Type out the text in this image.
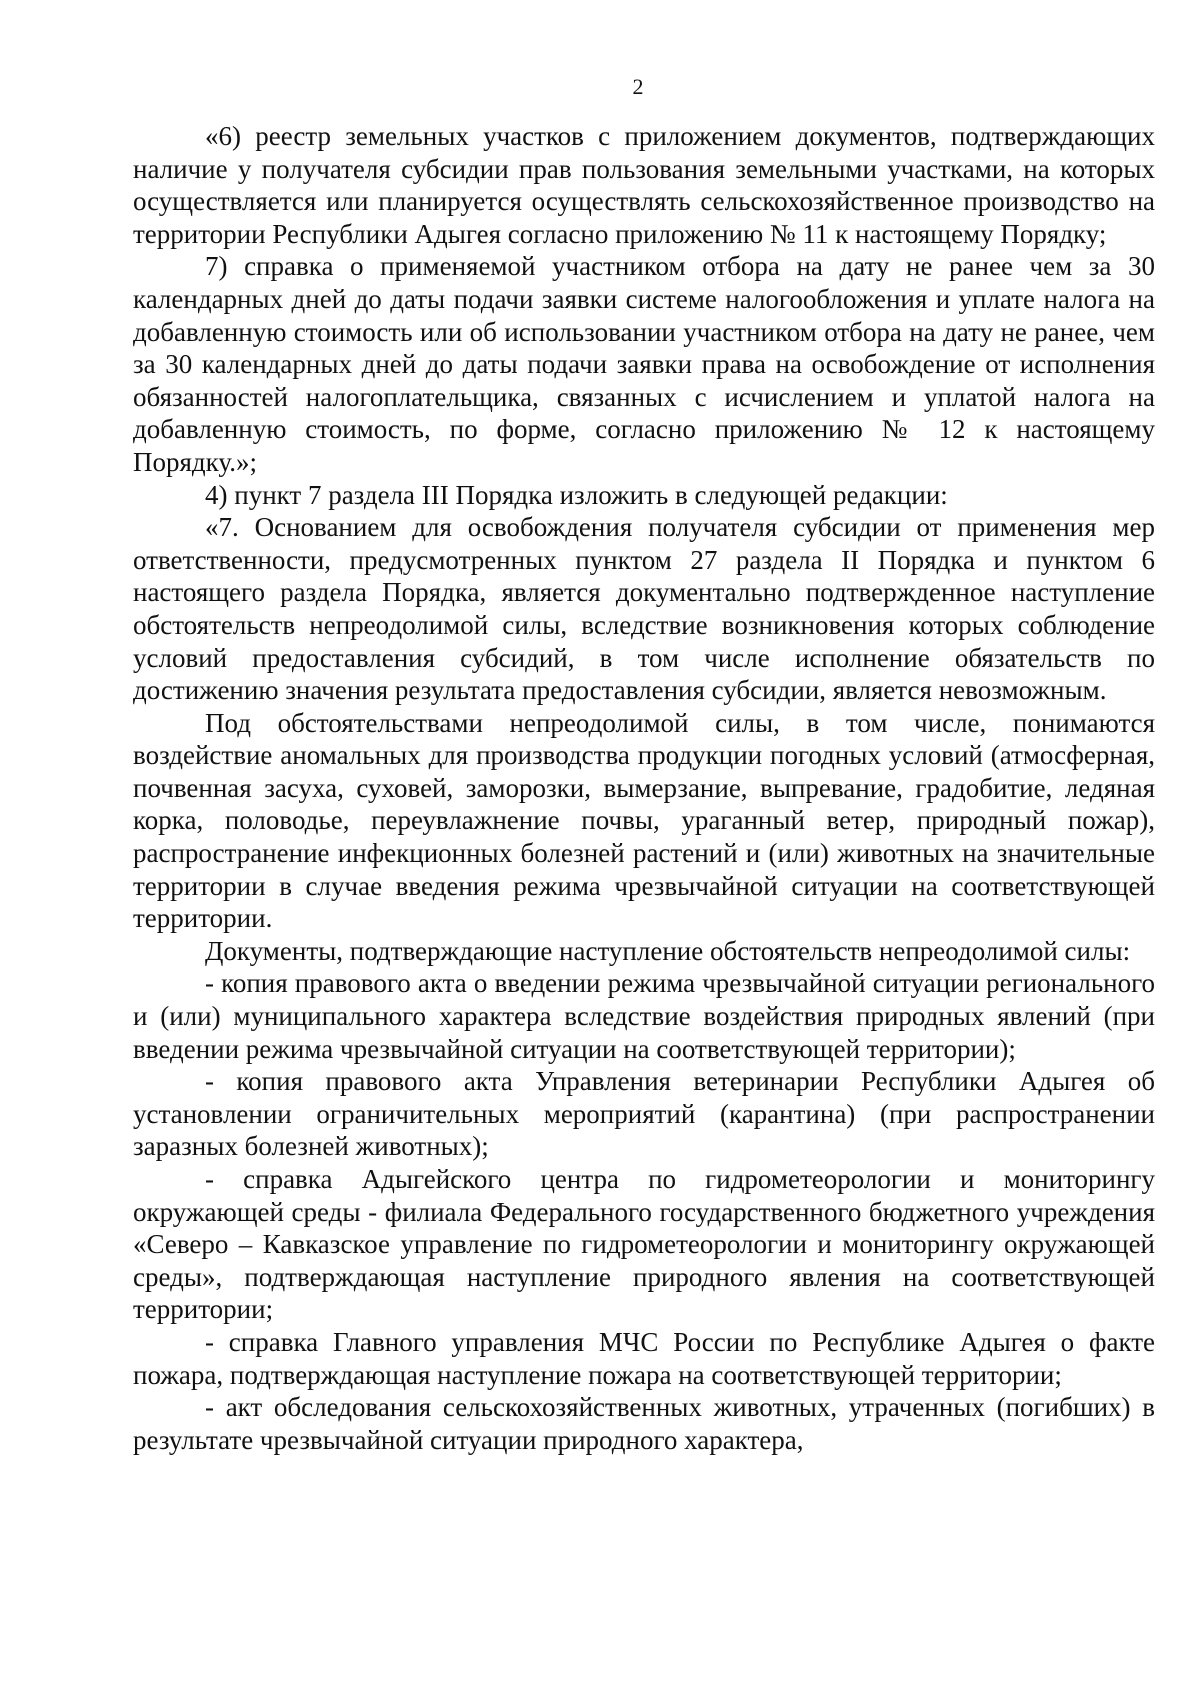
2

«6) реестр земельных участков с приложением документов, подтверждающих наличие у получателя субсидии прав пользования земельными участками, на которых осуществляется или планируется осуществлять сельскохозяйственное производство на территории Республики Адыгея согласно приложению № 11 к настоящему Порядку;

7) справка о применяемой участником отбора на дату не ранее чем за 30 календарных дней до даты подачи заявки системе налогообложения и уплате налога на добавленную стоимость или об использовании участником отбора на дату не ранее, чем за 30 календарных дней до даты подачи заявки права на освобождение от исполнения обязанностей налогоплательщика, связанных с исчислением и уплатой налога на добавленную стоимость, по форме, согласно приложению № 12 к настоящему Порядку.»;

4) пункт 7 раздела III Порядка изложить в следующей редакции:

«7. Основанием для освобождения получателя субсидии от применения мер ответственности, предусмотренных пунктом 27 раздела II Порядка и пунктом 6 настоящего раздела Порядка, является документально подтвержденное наступление обстоятельств непреодолимой силы, вследствие возникновения которых соблюдение условий предоставления субсидий, в том числе исполнение обязательств по достижению значения результата предоставления субсидии, является невозможным.

Под обстоятельствами непреодолимой силы, в том числе, понимаются воздействие аномальных для производства продукции погодных условий (атмосферная, почвенная засуха, суховей, заморозки, вымерзание, выпревание, градобитие, ледяная корка, половодье, переувлажнение почвы, ураганный ветер, природный пожар), распространение инфекционных болезней растений и (или) животных на значительные территории в случае введения режима чрезвычайной ситуации на соответствующей территории.

Документы, подтверждающие наступление обстоятельств непреодолимой силы:

- копия правового акта о введении режима чрезвычайной ситуации регионального и (или) муниципального характера вследствие воздействия природных явлений (при введении режима чрезвычайной ситуации на соответствующей территории);

- копия правового акта Управления ветеринарии Республики Адыгея об установлении ограничительных мероприятий (карантина) (при распространении заразных болезней животных);

- справка Адыгейского центра по гидрометеорологии и мониторингу окружающей среды - филиала Федерального государственного бюджетного учреждения «Северо – Кавказское управление по гидрометеорологии и мониторингу окружающей среды», подтверждающая наступление природного явления на соответствующей территории;

- справка Главного управления МЧС России по Республике Адыгея о факте пожара, подтверждающая наступление пожара на соответствующей территории;

- акт обследования сельскохозяйственных животных, утраченных (погибших) в результате чрезвычайной ситуации природного характера,
